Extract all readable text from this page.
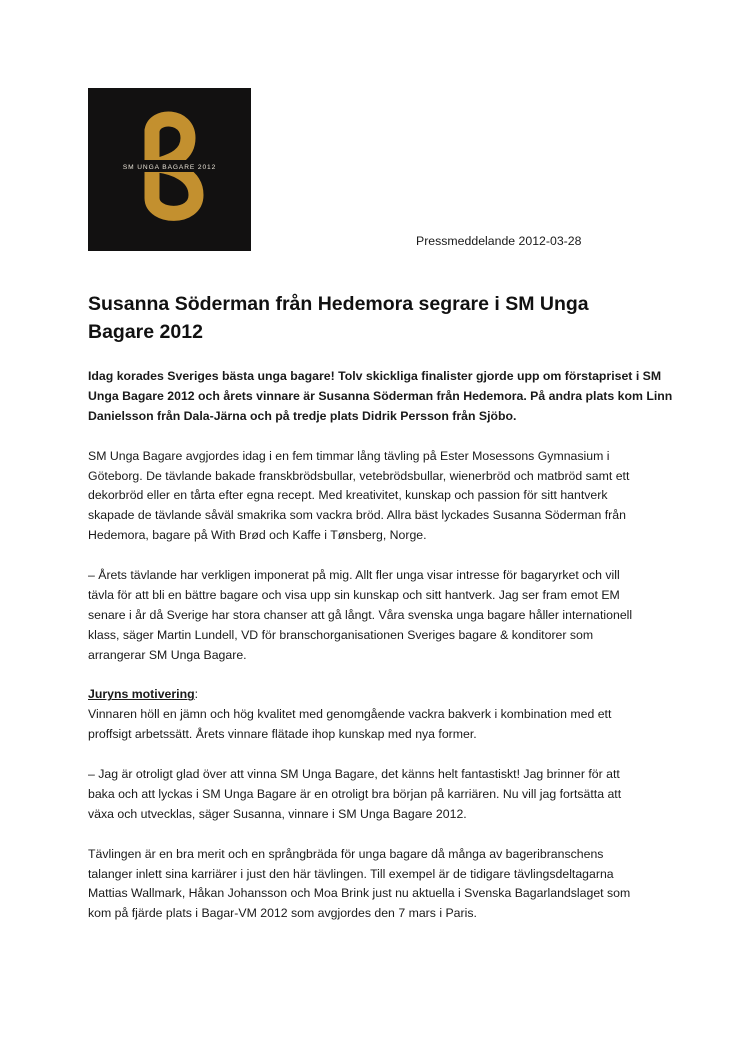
SM UNGA BAGARE 2012
Pressmeddelande 2012-03-28
Susanna Söderman från Hedemora segrare i SM Unga
Bagare 2012

Idag korades Sveriges bästa unga bagare! Tolv skickliga finalister gjorde upp om förstapriset i SM
Unga Bagare 2012 och årets vinnare är Susanna Söderman från Hedemora. På andra plats kom Linn
Danielsson från Dala-Järna och på tredje plats Didrik Persson från Sjöbo.

SM Unga Bagare avgjordes idag i en fem timmar lång tävling på Ester Mosessons Gymnasium i
Göteborg. De tävlande bakade franskbrödsbullar, vetebrödsbullar, wienerbröd och matbröd samt ett
dekorbröd eller en tårta efter egna recept. Med kreativitet, kunskap och passion för sitt hantverk
skapade de tävlande såväl smakrika som vackra bröd. Allra bäst lyckades Susanna Söderman från
Hedemora, bagare på With Brød och Kaffe i Tønsberg, Norge.

– Årets tävlande har verkligen imponerat på mig. Allt fler unga visar intresse för bagaryrket och vill
tävla för att bli en bättre bagare och visa upp sin kunskap och sitt hantverk. Jag ser fram emot EM
senare i år då Sverige har stora chanser att gå långt. Våra svenska unga bagare håller internationell
klass, säger Martin Lundell, VD för branschorganisationen Sveriges bagare & konditorer som
arrangerar SM Unga Bagare.

Juryns motivering:
Vinnaren höll en jämn och hög kvalitet med genomgående vackra bakverk i kombination med ett
proffsigt arbetssätt. Årets vinnare flätade ihop kunskap med nya former.

– Jag är otroligt glad över att vinna SM Unga Bagare, det känns helt fantastiskt! Jag brinner för att
baka och att lyckas i SM Unga Bagare är en otroligt bra början på karriären. Nu vill jag fortsätta att
växa och utvecklas, säger Susanna, vinnare i SM Unga Bagare 2012.

Tävlingen är en bra merit och en språngbräda för unga bagare då många av bageribranschens
talanger inlett sina karriärer i just den här tävlingen. Till exempel är de tidigare tävlingsdeltagarna
Mattias Wallmark, Håkan Johansson och Moa Brink just nu aktuella i Svenska Bagarlandslaget som
kom på fjärde plats i Bagar-VM 2012 som avgjordes den 7 mars i Paris.
